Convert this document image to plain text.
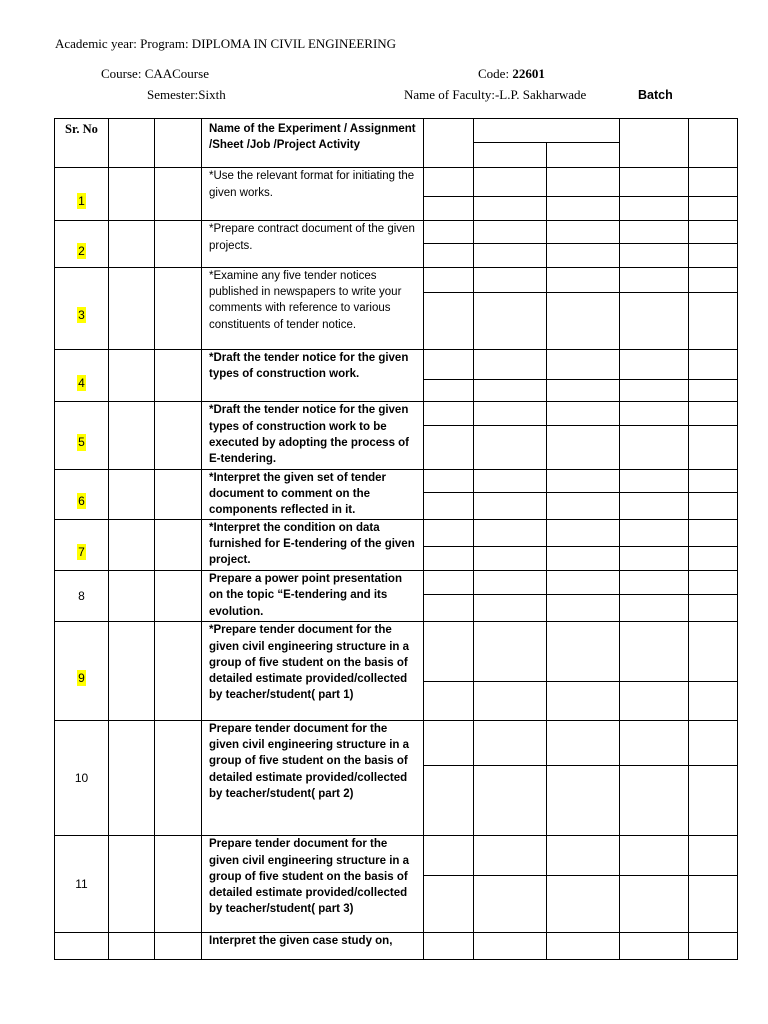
Academic year: Program: DIPLOMA IN CIVIL ENGINEERING
Course: CAACourse	Code: 22601
Semester:Sixth	Name of Faculty:-L.P. Sakharwade	Batch
Sr. No			Name of the Experiment / Assignment /Sheet /Job /Project Activity					

1			*Use the relevant format for initiating the given works.					

2			*Prepare contract document of the given projects.					

3			*Examine any five tender notices published in newspapers to write your comments with reference to various constituents of tender notice.					

4			*Draft the tender notice for the given types of construction work.					

5			*Draft the tender notice for the given types of construction work to be executed by adopting the process of E-tendering.					

6			*Interpret the given set of tender document to comment on the components reflected in it.					

7			*Interpret the condition on data furnished for E-tendering of the given project.					

8			Prepare a power point presentation on the topic “E-tendering and its evolution.					

9			*Prepare tender document for the given civil engineering structure in a group of five student on the basis of detailed estimate provided/collected by teacher/student( part 1)					

10			Prepare tender document for the given civil engineering structure in a group of five student on the basis of detailed estimate provided/collected by teacher/student( part 2)					

11			Prepare tender document for the given civil engineering structure in a group of five student on the basis of detailed estimate provided/collected by teacher/student( part 3)					

			Interpret the given case study on,					
